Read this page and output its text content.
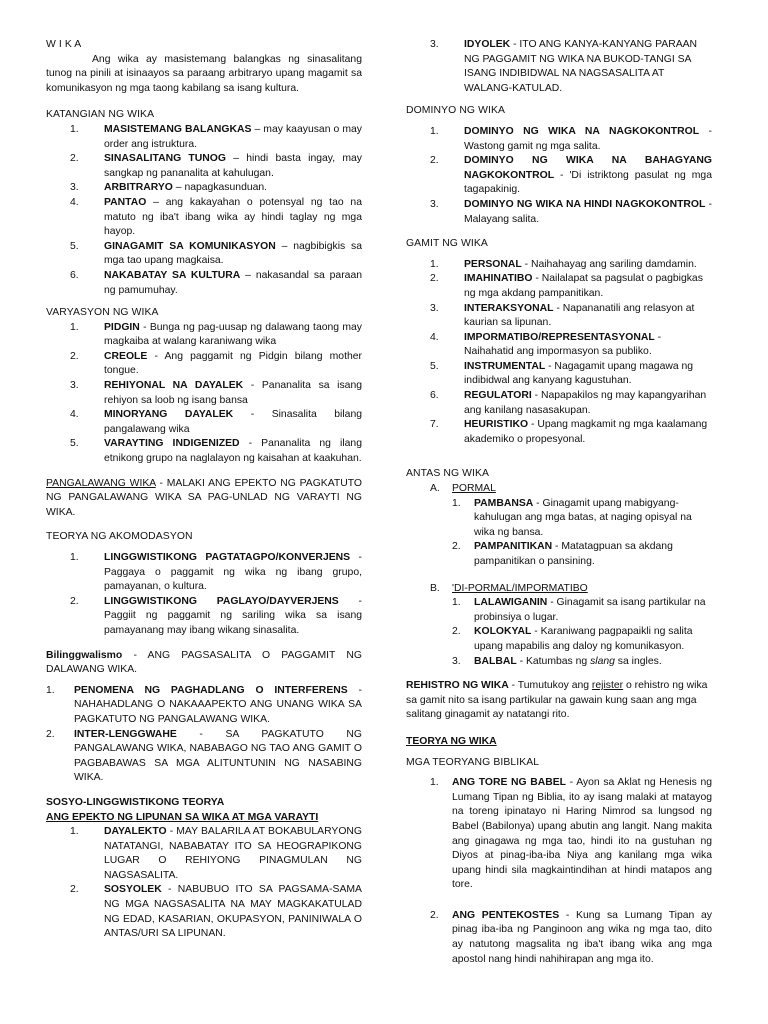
W I K A

Ang wika ay masistemang balangkas ng sinasalitang tunog na pinili at isinaayos sa paraang arbitraryo upang magamit sa komunikasyon ng mga taong kabilang sa isang kultura.

KATANGIAN NG WIKA

1.	MASISTEMANG BALANGKAS – may kaayusan o may order ang istruktura.

2.	SINASALITANG TUNOG – hindi basta ingay, may sangkap ng pananalita at kahulugan.

3.	ARBITRARYO – napagkasunduan.

4.	PANTAO – ang kakayahan o potensyal ng tao na matuto ng iba't ibang wika ay hindi taglay ng mga hayop.

5.	GINAGAMIT SA KOMUNIKASYON – nagbibigkis sa mga tao upang magkaisa.

6.	NAKABATAY SA KULTURA – nakasandal sa paraan ng pamumuhay.

VARYASYON NG WIKA

1.	PIDGIN - Bunga ng pag-uusap ng dalawang taong may magkaiba at walang karaniwang wika

2.	CREOLE - Ang paggamit ng Pidgin bilang mother tongue.

3.	REHIYONAL NA DAYALEK - Pananalita sa isang rehiyon sa loob ng isang bansa

4.	MINORYANG DAYALEK - Sinasalita bilang pangalawang wika

5.	VARAYTING INDIGENIZED - Pananalita ng ilang etnikong grupo na naglalayon ng kaisahan at kaakuhan.

PANGALAWANG WIKA - MALAKI ANG EPEKTO NG PAGKATUTO NG PANGALAWANG WIKA SA PAG-UNLAD NG VARAYTI NG WIKA.

TEORYA NG AKOMODASYON

1.	LINGGWISTIKONG PAGTATAGPO/KONVERJENS - Paggaya o paggamit ng wika ng ibang grupo, pamayanan, o kultura.

2.	LINGGWISTIKONG PAGLAYO/DAYVERJENS - Paggiit ng paggamit ng sariling wika sa isang pamayanang may ibang wikang sinasalita.

Bilinggwalismo - ANG PAGSASALITA O PAGGAMIT NG DALAWANG WIKA.

1.	PENOMENA NG PAGHADLANG O INTERFERENS - NAHAHADLANG O NAKAAAPEKTO ANG UNANG WIKA SA PAGKATUTO NG PANGALAWANG WIKA.

2.	INTER-LENGGWAHE - SA PAGKATUTO NG PANGALAWANG WIKA, NABABAGO NG TAO ANG GAMIT O PAGBABAWAS SA MGA ALITUNTUNIN NG NASABING WIKA.

SOSYO-LINGGWISTIKONG TEORYA

ANG EPEKTO NG LIPUNAN SA WIKA AT MGA VARAYTI

1.	DAYALEKTO - MAY BALARILA AT BOKABULARYONG NATATANGI, NABABATAY ITO SA HEOGRAPIKONG LUGAR O REHIYONG PINAGMULAN NG NAGSASALITA.

2.	SOSYOLEK - NABUBUO ITO SA PAGSAMA-SAMA NG MGA NAGSASALITA NA MAY MAGKAKATULAD NG EDAD, KASARIAN, OKUPASYON, PANINIWALA O ANTAS/URI SA LIPUNAN.

3.	IDYOLEK - ITO ANG KANYA-KANYANG PARAAN NG PAGGAMIT NG WIKA NA BUKOD-TANGI SA ISANG INDIBIDWAL NA NAGSASALITA AT WALANG-KATULAD.

DOMINYO NG WIKA

1.	DOMINYO NG WIKA NA NAGKOKONTROL - Wastong gamit ng mga salita.

2.	DOMINYO NG WIKA NA BAHAGYANG NAGKOKONTROL - 'Di istriktong pasulat ng mga tagapakinig.

3.	DOMINYO NG WIKA NA HINDI NAGKOKONTROL - Malayang salita.

GAMIT NG WIKA

1.	PERSONAL - Naihahayag ang sariling damdamin.

2.	IMAHINATIBO - Nailalapat sa pagsulat o pagbigkas ng mga akdang pampanitikan.

3.	INTERAKSYONAL - Napananatili ang relasyon at kaurian sa lipunan.

4.	IMPORMATIBO/REPRESENTASYONAL - Naihahatid ang impormasyon sa publiko.

5.	INSTRUMENTAL - Nagagamit upang magawa ng indibidwal ang kanyang kagustuhan.

6.	REGULATORI - Napapakilos ng may kapangyarihan ang kanilang nasasakupan.

7.	HEURISTIKO - Upang magkamit ng mga kaalamang akademiko o propesyonal.

ANTAS NG WIKA

A.	PORMAL
1.	PAMBANSA - Ginagamit upang mabigyang-kahulugan ang mga batas, at naging opisyal na wika ng bansa.

2.	PAMPANITIKAN - Matatagpuan sa akdang pampanitikan o pansining.

B.	'DI-PORMAL/IMPORMATIBO
1.	LALAWIGANIN - Ginagamit sa isang partikular na probinsiya o lugar.

2.	KOLOKYAL - Karaniwang pagpapaikli ng salita upang mapabilis ang daloy ng komunikasyon.

3.	BALBAL - Katumbas ng slang sa ingles.

REHISTRO NG WIKA - Tumutukoy ang rejister o rehistro ng wika sa gamit nito sa isang partikular na gawain kung saan ang mga salitang ginagamit ay natatangi rito.

TEORYA NG WIKA

MGA TEORYANG BIBLIKAL

1.	ANG TORE NG BABEL - Ayon sa Aklat ng Henesis ng Lumang Tipan ng Biblia, ito ay isang malaki at matayog na toreng ipinatayo ni Haring Nimrod sa lungsod ng Babel (Babilonya) upang abutin ang langit. Nang makita ang ginagawa ng mga tao, hindi ito na gustuhan ng Diyos at pinag-iba-iba Niya ang kanilang mga wika upang hindi sila magkaintindihan at hindi matapos ang tore.

2.	ANG PENTEKOSTES - Kung sa Lumang Tipan ay pinag iba-iba ng Panginoon ang wika ng mga tao, dito ay natutong magsalita ng iba't ibang wika ang mga apostol nang hindi nahihirapan ang mga ito.
